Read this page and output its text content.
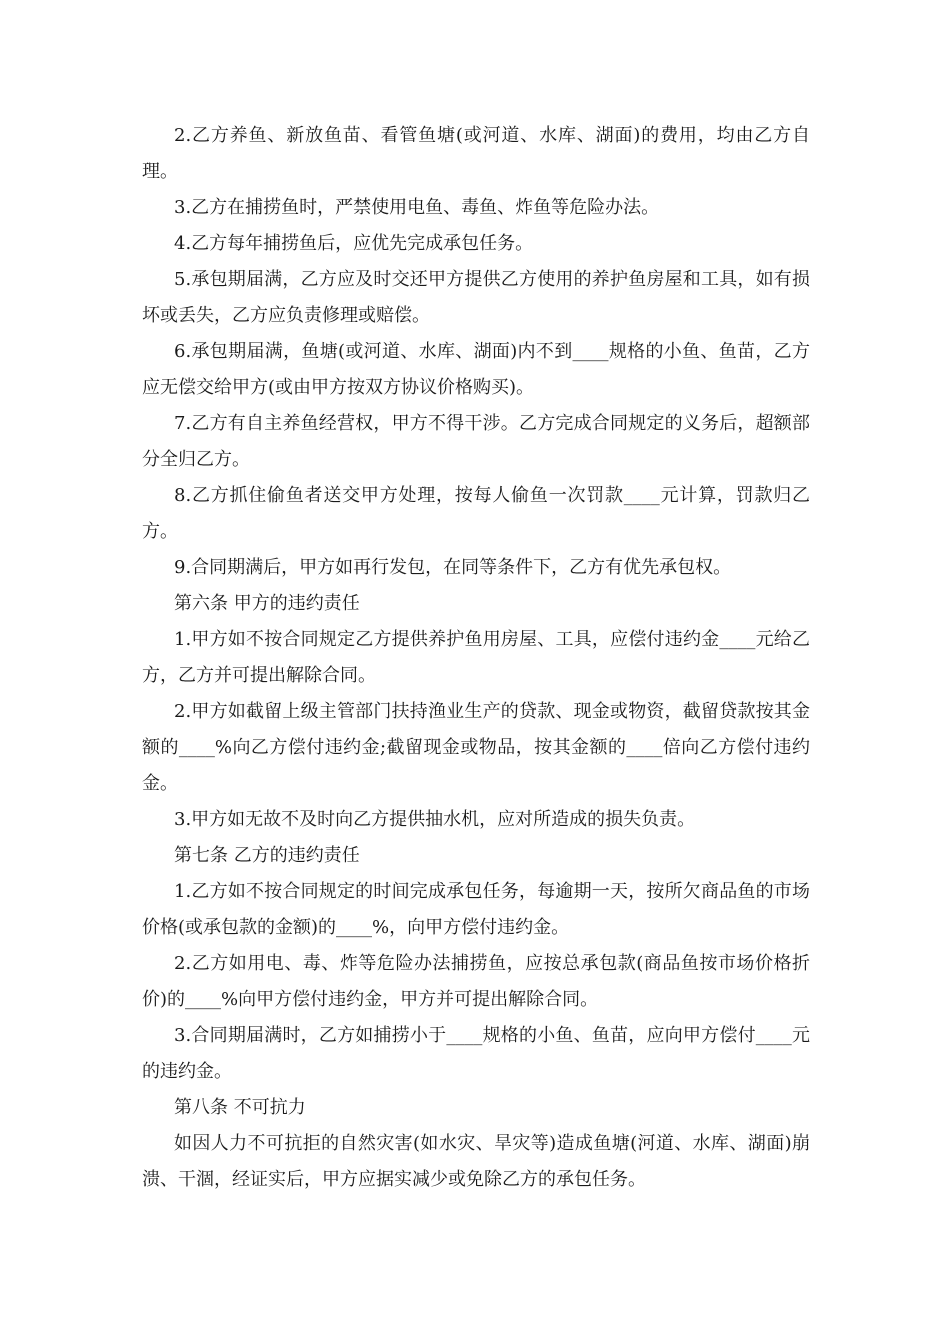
2.乙方养鱼、新放鱼苗、看管鱼塘(或河道、水库、湖面)的费用，均由乙方自理。

3.乙方在捕捞鱼时，严禁使用电鱼、毒鱼、炸鱼等危险办法。

4.乙方每年捕捞鱼后，应优先完成承包任务。

5.承包期届满，乙方应及时交还甲方提供乙方使用的养护鱼房屋和工具，如有损坏或丢失，乙方应负责修理或赔偿。

6.承包期届满，鱼塘(或河道、水库、湖面)内不到____规格的小鱼、鱼苗，乙方应无偿交给甲方(或由甲方按双方协议价格购买)。

7.乙方有自主养鱼经营权，甲方不得干涉。乙方完成合同规定的义务后，超额部分全归乙方。

8.乙方抓住偷鱼者送交甲方处理，按每人偷鱼一次罚款____元计算，罚款归乙方。

9.合同期满后，甲方如再行发包，在同等条件下，乙方有优先承包权。

第六条 甲方的违约责任

1.甲方如不按合同规定乙方提供养护鱼用房屋、工具，应偿付违约金____元给乙方，乙方并可提出解除合同。

2.甲方如截留上级主管部门扶持渔业生产的贷款、现金或物资，截留贷款按其金额的____%向乙方偿付违约金;截留现金或物品，按其金额的____倍向乙方偿付违约金。

3.甲方如无故不及时向乙方提供抽水机，应对所造成的损失负责。

第七条 乙方的违约责任

1.乙方如不按合同规定的时间完成承包任务，每逾期一天，按所欠商品鱼的市场价格(或承包款的金额)的____%，向甲方偿付违约金。

2.乙方如用电、毒、炸等危险办法捕捞鱼，应按总承包款(商品鱼按市场价格折价)的____%向甲方偿付违约金，甲方并可提出解除合同。

3.合同期届满时，乙方如捕捞小于____规格的小鱼、鱼苗，应向甲方偿付____元的违约金。

第八条 不可抗力

如因人力不可抗拒的自然灾害(如水灾、旱灾等)造成鱼塘(河道、水库、湖面)崩溃、干涸，经证实后，甲方应据实减少或免除乙方的承包任务。
